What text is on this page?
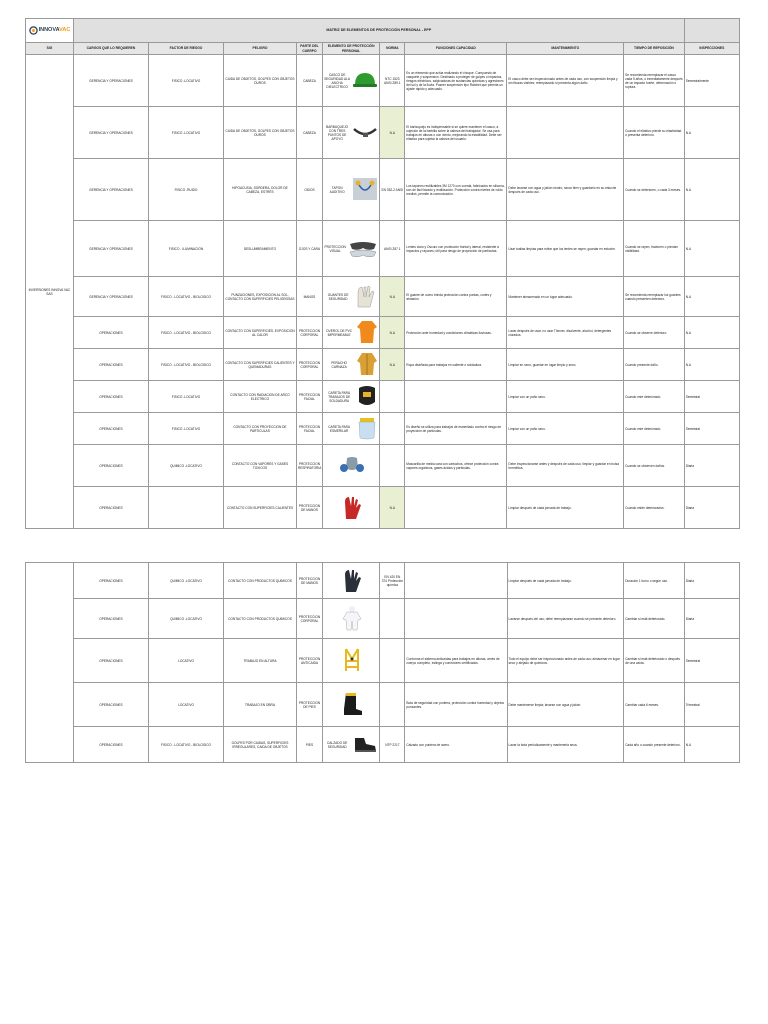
INNOVAVAC	MATRIZ DE ELEMENTOS DE PROTECCIÓN PERSONAL - EPP									
SIG	CARGOS QUE LO REQUIEREN	FACTOR DE RIESGO	PELIGRO	PARTE DEL CUERPO	ELEMENTO DE PROTECCIÓN PERSONAL	NORMA	FUNCIONES CAPACIDAD	MANTENIMIENTO	TIEMPO DE REPOSICIÓN	INSPECCIONES
INVERSIONES INNOVA VAC SAS	GERENCIA Y OPERACIONES	FISICO -LOCATIVO	CAIDA DE OBJETOS, GOLPES CON OBJETOS DUROS	CABEZA	CASCO DE SEGURIDAD ALA ANCHA DIELECTRICO	NTC 1523 ANSI Z89.1	Es un elemento que actúa realizando el choque. Compuesto de casquete y suspensión. Destinado a proteger de golpes o impactos, riesgos eléctricos, salpicaduras de sustancias químicas y agresiones del sol y de la lluvia. Poseer suspensión tipo Ratchet que permita un ajuste rápido y adecuado.	El casco debe ser inspeccionado antes de cada uso, con suspensión limpia y sin fisuras visibles; reemplazarlo si presenta algún daño.	Se recomienda reemplazar el casco cada 5 años, o inmediatamente después de un impacto fuerte, deformación o ruptura.	Semestralmente
	GERENCIA Y OPERACIONES	FISICO -LOCATIVO	CAIDA DE OBJETOS, GOLPES CON OBJETOS DUROS	CABEZA	BARBUQUEJO CON TRES PUNTOS DE APOYO	N.A	El barbuquejo es indispensable si se quiere mantener el casco, a sujeción de la barbilla sobre la cabeza del trabajador. Se usa para trabajos en alturas o con viento, mejorando la estabilidad. Debe ser elástico para sujetar la cabeza del usuario.		Cuando el elástico pierde su elasticidad o presenta deterioro.	N.A
	GERENCIA Y OPERACIONES	FISICO -RUIDO	HIPOACUSIA, SORDERA, DOLOR DE CABEZA, ESTRÉS	OIDOS	TAPON AUDITIVO	EN 352-2 ANSI	Los tapones reutilizables 3M 1270 con cuerda, fabricados en silicona, son de fácil lavado y reutilización. Protección contra niveles de ruido medios, permite la comunicación.	Debe lavarse con agua y jabón neutro, secar bien y guardarlo en su estuche después de cada uso.	Cuando se deterioren, o cada 3 meses.	N.A
	GERENCIA Y OPERACIONES	FISICO - ILUMINACION	DESLUMBRAMIENTO	OJOS Y CARA	PROTECCION VISUAL	ANSI Z87.1	Lentes claro y Oscuro con protección frontal y lateral, resistente a impactos y rayones; útil para riesgo de proyección de partículas.	Usar toallas limpias para evitar que los lentes se rayen; guardar en estuche.	Cuando se rayen, fracturen o pierdan visibilidad.	N.A
	GERENCIA Y OPERACIONES	FISICO - LOCATIVO - BIOLOGICO	PUNZACIONES, EXPOSICION AL SOL, CONTACTO CON SUPERFICIES PELIGROSAS	MANOS	GUANTES DE SEGURIDAD	N.A	El guante de cuero brinda protección contra puntas, cortes y abrasión.	Mantener almacenado en un lugar adecuado.	Se recomienda reemplazar los guantes cuando presenten deterioro.	N.A
	OPERACIONES	FISICO - LOCATIVO - BIOLOGICO	CONTACTO CON SUPERFICIES, EXPOSICION AL CALOR	PROTECCION CORPORAL	OVEROL DE PVC IMPERMEABLE	N.A	Protección ante humedad y condiciones climáticas lluviosas.	Lavar después de usar, no usar Thinner, disolvente, alcohol, detergentes clorados.	Cuando se observe deterioro.	N.A
	OPERACIONES	FISICO - LOCATIVO - BIOLOGICO	CONTACTO CON SUPERFICIES CALIENTES Y QUEMADURAS	PROTECCION CORPORAL	PERACHO CARNAZA	N.A	Ropa diseñada para trabajos en caliente o soldadura.	Limpiar en seco; guardar en lugar limpio y seco.	Cuando presente daño.	N.A
	OPERACIONES	FISICO -LOCATIVO	CONTACTO CON RADIACION DE ARCO ELECTRICO	PROTECCION FACIAL	CARETA PARA TRABAJOS DE SOLDADURA			Limpiar con un paño seco.	Cuando esté deteriorado.	Semestral
	OPERACIONES	FISICO -LOCATIVO	CONTACTO CON PROYECCION DE PARTICULAS	PROTECCION FACIAL	CARETA PARA ESMERILAR		Es diseño se utiliza para trabajos de esmerilado contra el riesgo de proyección de partículas.	Limpiar con un paño seco.	Cuando esté deteriorado.	Semestral
	OPERACIONES	QUIMICO -LOCATIVO	CONTACTO CON VAPORES Y GASES TOXICOS	PROTECCION RESPIRATORIA			Mascarilla de media cara con cartuchos, ofrece protección contra vapores orgánicos, gases ácidos y partículas.	Debe inspeccionarse antes y después de cada uso; limpiar y guardar en bolsa hermética.	Cuando se observen daños.	Diaria
	OPERACIONES		CONTACTO CON SUPERFICIES CALIENTES	PROTECCION DE MANOS		N.A		Limpiar después de cada jornada de trabajo.	Cuando estén deteriorados.	Diaria
	OPERACIONES	QUIMICO -LOCATIVO	CONTACTO CON PRODUCTOS QUIMICOS	PROTECCION DE MANOS		EN 420 EN 374 Protección química		Limpiar después de cada jornada de trabajo.	Duración 1 turno o según uso.	Diaria
	OPERACIONES	QUIMICO -LOCATIVO	CONTACTO CON PRODUCTOS QUIMICOS	PROTECCION CORPORAL				Lavarse después del uso; debe reemplazarse cuando se presente deterioro.	Cambiar si está deteriorado.	Diaria
	OPERACIONES	LOCATIVO	TRABAJO EN ALTURA	PROTECCION ANTICAIDA			Conforma el sistema anticaídas para trabajos en alturas, arnés de cuerpo completo, eslinga y conectores certificados.	Todo el equipo debe ser inspeccionado antes de cada uso; almacenar en lugar seco y alejado de químicos.	Cambiar si está deteriorado o después de una caída.	Semestral
	OPERACIONES	LOCATIVO	TRABAJO EN OBRA	PROTECCION DE PIES			Bota de seguridad con puntera, protección contra humedad y objetos punzantes.	Debe mantenerse limpia; lavarse con agua y jabón.	Cambiar cada 6 meses.	Trimestral
	OPERACIONES	FISICO - LOCATIVO - BIOLOGICO	GOLPES POR CAIDAS, SUPERFICIES IRREGULARES, CAIDA DE OBJETOS	PIES	CALZADO DE SEGURIDAD	NTP 2217	Calzado con puntera de acero.	Lavar la bota periódicamente y mantenerla seca.	Cada año o cuando presente deterioro.	N.A
